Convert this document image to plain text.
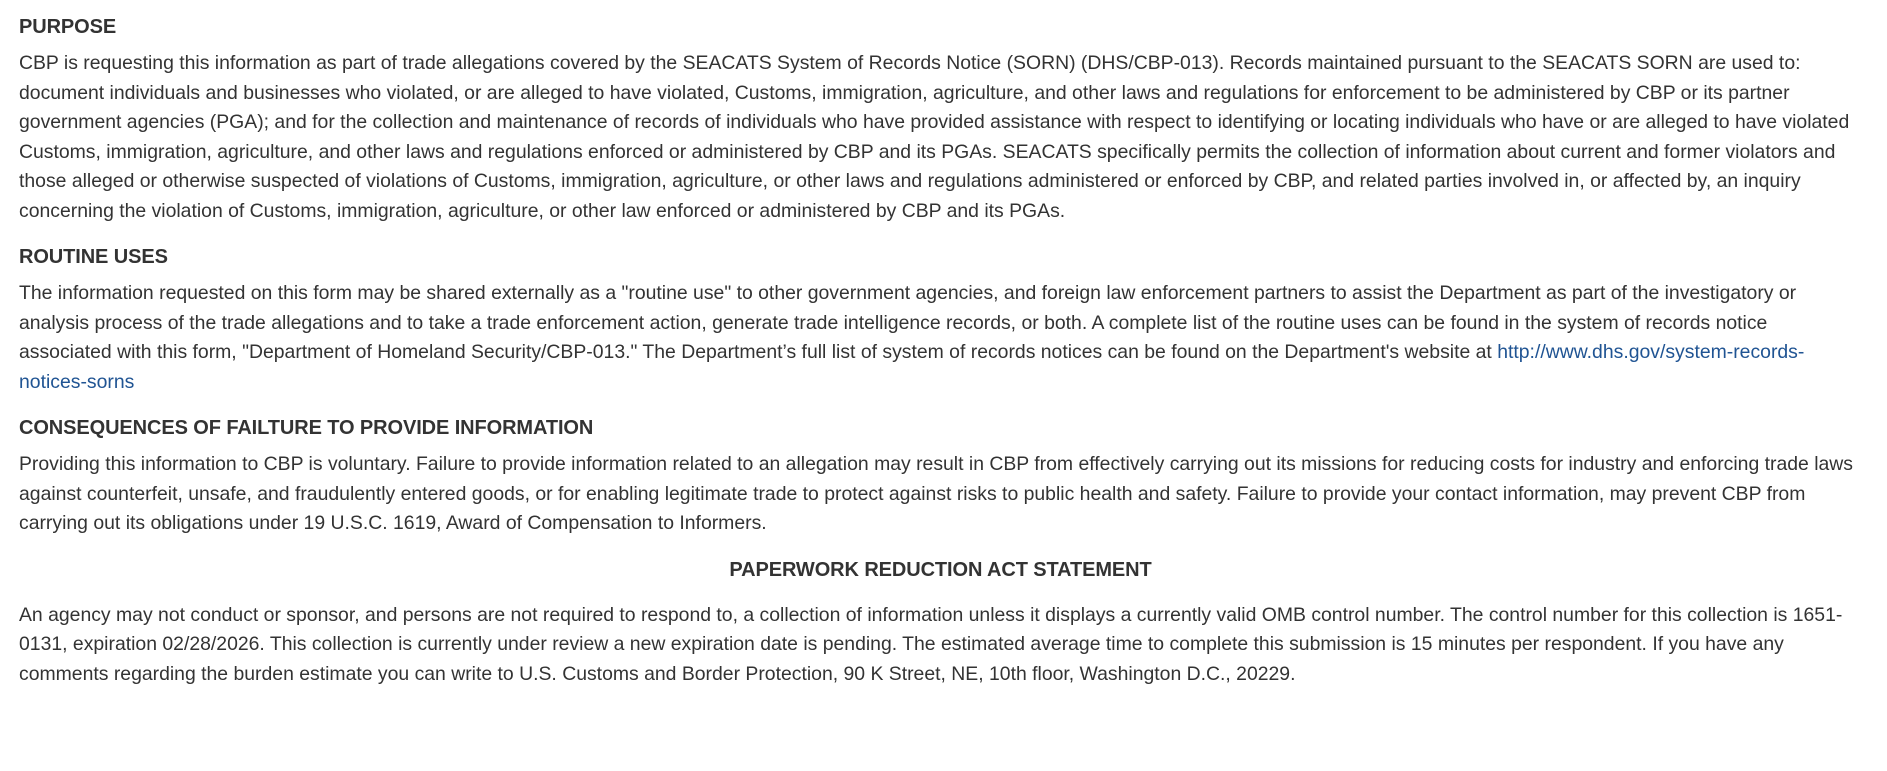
PURPOSE

CBP is requesting this information as part of trade allegations covered by the SEACATS System of Records Notice (SORN) (DHS/CBP-013). Records maintained pursuant to the SEACATS SORN are used to: document individuals and businesses who violated, or are alleged to have violated, Customs, immigration, agriculture, and other laws and regulations for enforcement to be administered by CBP or its partner government agencies (PGA); and for the collection and maintenance of records of individuals who have provided assistance with respect to identifying or locating individuals who have or are alleged to have violated Customs, immigration, agriculture, and other laws and regulations enforced or administered by CBP and its PGAs. SEACATS specifically permits the collection of information about current and former violators and those alleged or otherwise suspected of violations of Customs, immigration, agriculture, or other laws and regulations administered or enforced by CBP, and related parties involved in, or affected by, an inquiry concerning the violation of Customs, immigration, agriculture, or other law enforced or administered by CBP and its PGAs.

ROUTINE USES

The information requested on this form may be shared externally as a "routine use" to other government agencies, and foreign law enforcement partners to assist the Department as part of the investigatory or analysis process of the trade allegations and to take a trade enforcement action, generate trade intelligence records, or both. A complete list of the routine uses can be found in the system of records notice associated with this form, "Department of Homeland Security/CBP-013." The Department’s full list of system of records notices can be found on the Department's website at http://www.dhs.gov/system-records-notices-sorns

CONSEQUENCES OF FAILTURE TO PROVIDE INFORMATION

Providing this information to CBP is voluntary. Failure to provide information related to an allegation may result in CBP from effectively carrying out its missions for reducing costs for industry and enforcing trade laws against counterfeit, unsafe, and fraudulently entered goods, or for enabling legitimate trade to protect against risks to public health and safety. Failure to provide your contact information, may prevent CBP from carrying out its obligations under 19 U.S.C. 1619, Award of Compensation to Informers.

PAPERWORK REDUCTION ACT STATEMENT

An agency may not conduct or sponsor, and persons are not required to respond to, a collection of information unless it displays a currently valid OMB control number. The control number for this collection is 1651-0131, expiration 02/28/2026. This collection is currently under review a new expiration date is pending. The estimated average time to complete this submission is 15 minutes per respondent. If you have any comments regarding the burden estimate you can write to U.S. Customs and Border Protection, 90 K Street, NE, 10th floor, Washington D.C., 20229.
